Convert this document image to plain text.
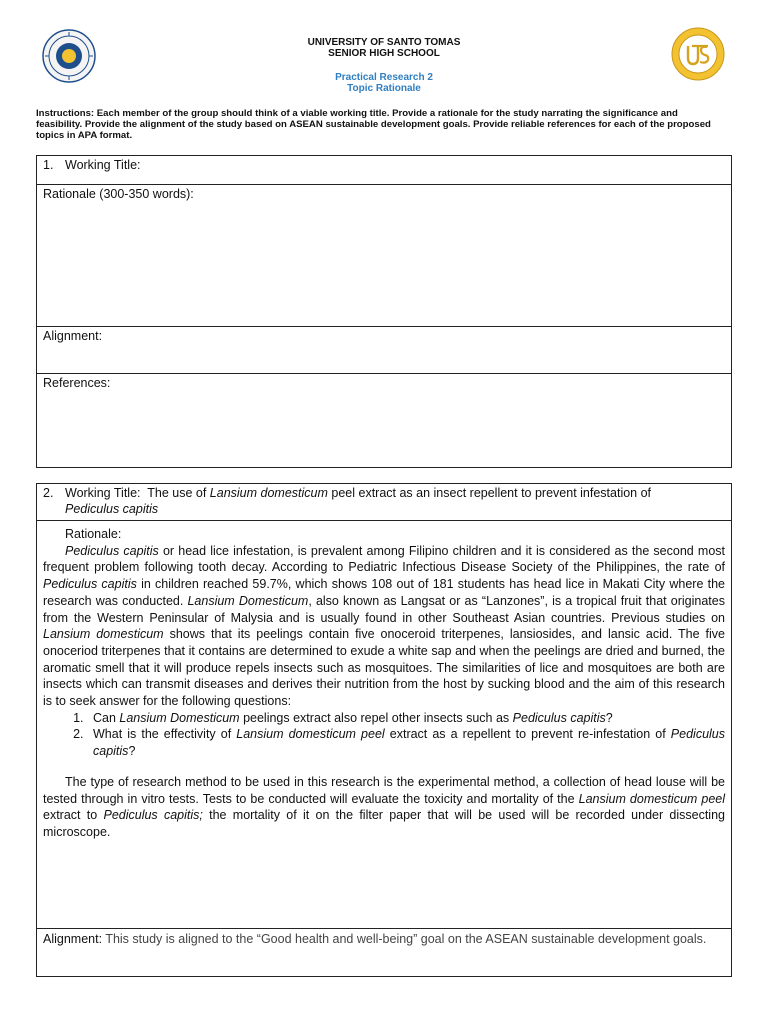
UNIVERSITY OF SANTO TOMAS
SENIOR HIGH SCHOOL
Practical Research 2
Topic Rationale
Instructions: Each member of the group should think of a viable working title. Provide a rationale for the study narrating the significance and feasibility. Provide the alignment of the study based on ASEAN sustainable development goals. Provide reliable references for each of the proposed topics in APA format.
1. Working Title:
Rationale (300-350 words):
Alignment:
References:
2. Working Title: The use of Lansium domesticum peel extract as an insect repellent to prevent infestation of
Pediculus capitis

Rationale:

Pediculus capitis or head lice infestation, is prevalent among Filipino children and it is considered as the second most frequent problem following tooth decay. According to Pediatric Infectious Disease Society of the Philippines, the rate of Pediculus capitis in children reached 59.7%, which shows 108 out of 181 students has head lice in Makati City where the research was conducted. Lansium Domesticum, also known as Langsat or as “Lanzones”, is a tropical fruit that originates from the Western Peninsular of Malysia and is usually found in other Southeast Asian countries. Previous studies on Lansium domesticum shows that its peelings contain five onoceroid triterpenes, lansiosides, and lansic acid. The five onoceriod triterpenes that it contains are determined to exude a white sap and when the peelings are dried and burned, the aromatic smell that it will produce repels insects such as mosquitoes. The similarities of lice and mosquitoes are both are insects which can transmit diseases and derives their nutrition from the host by sucking blood and the aim of this research is to seek answer for the following questions:

1. Can Lansium Domesticum peelings extract also repel other insects such as Pediculus capitis?
2. What is the effectivity of Lansium domesticum peel extract as a repellent to prevent re-infestation of Pediculus capitis?

The type of research method to be used in this research is the experimental method, a collection of head louse will be tested through in vitro tests. Tests to be conducted will evaluate the toxicity and mortality of the Lansium domesticum peel extract to Pediculus capitis; the mortality of it on the filter paper that will be used will be recorded under dissecting microscope.

Alignment: This study is aligned to the “Good health and well-being” goal on the ASEAN sustainable development goals.
